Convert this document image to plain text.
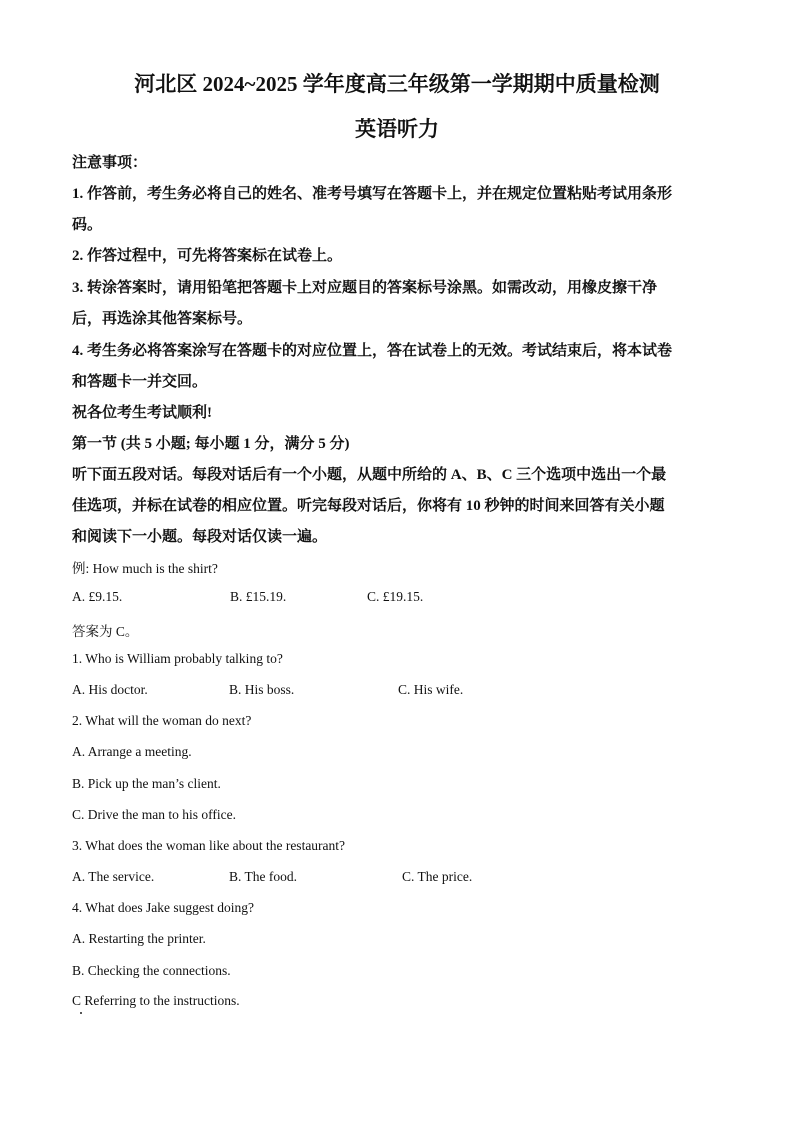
河北区 2024~2025 学年度高三年级第一学期期中质量检测
英语听力
注意事项：
1. 作答前，考生务必将自己的姓名、准考号填写在答题卡上，并在规定位置粘贴考试用条形
码。
2. 作答过程中，可先将答案标在试卷上。
3. 转涂答案时，请用铅笔把答题卡上对应题目的答案标号涂黑。如需改动，用橡皮擦干净
后，再选涂其他答案标号。
4. 考生务必将答案涂写在答题卡的对应位置上，答在试卷上的无效。考试结束后，将本试卷
和答题卡一并交回。
祝各位考生考试顺利!
第一节 (共 5 小题; 每小题 1 分，满分 5 分)
听下面五段对话。每段对话后有一个小题，从题中所给的 A、B、C 三个选项中选出一个最
佳选项，并标在试卷的相应位置。听完每段对话后，你将有 10 秒钟的时间来回答有关小题
和阅读下一小题。每段对话仅读一遍。
例: How much is the shirt?
A. £9.15.	B. £15.19.	C. £19.15.
答案为 C。
1. Who is William probably talking to?
A. His doctor.	B. His boss.	C. His wife.
2. What will the woman do next?
A. Arrange a meeting.
B. Pick up the man’s client.
C. Drive the man to his office.
3. What does the woman like about the restaurant?
A. The service.	B. The food.	C. The price.
4. What does Jake suggest doing?
A. Restarting the printer.
B. Checking the connections.
C Referring to the instructions.
